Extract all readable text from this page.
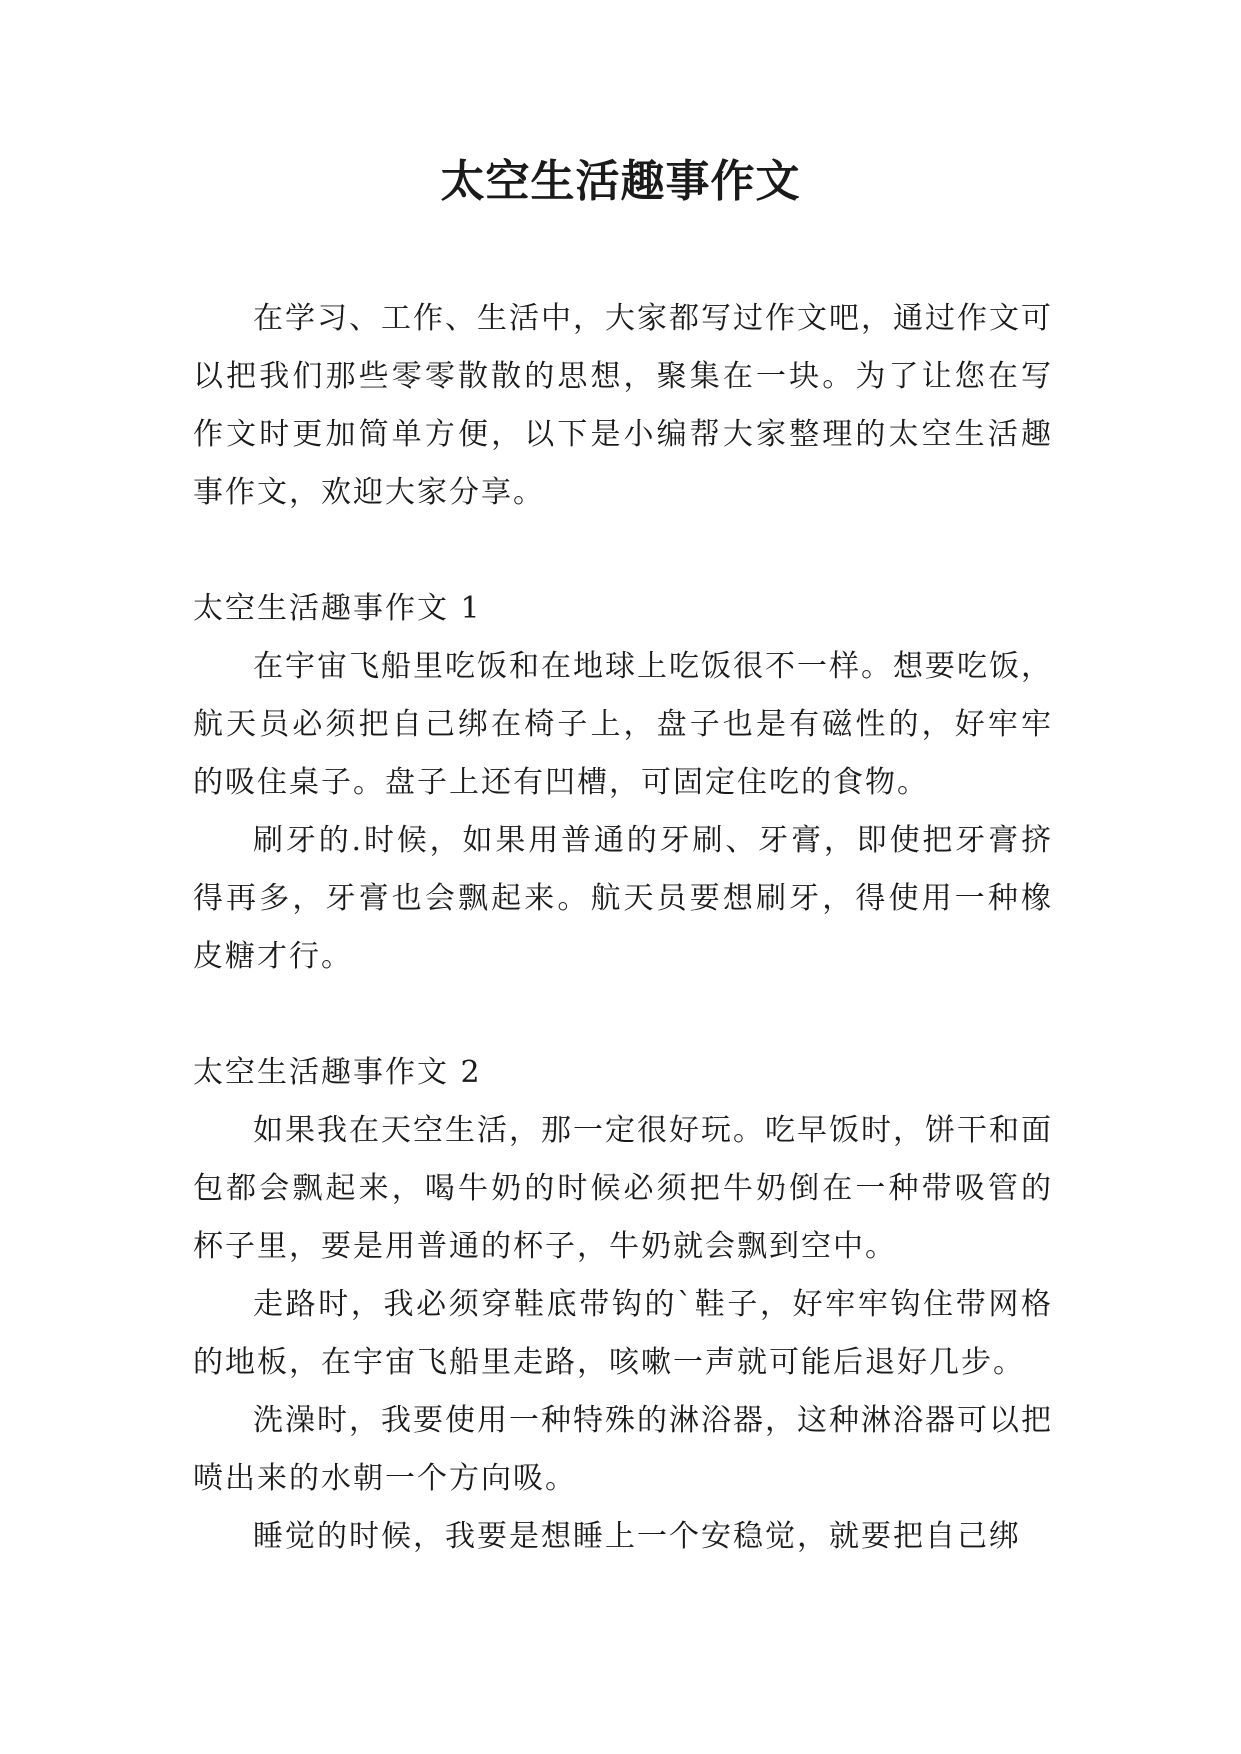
太空生活趣事作文

在学习、工作、生活中，大家都写过作文吧，通过作文可以把我们那些零零散散的思想，聚集在一块。为了让您在写作文时更加简单方便，以下是小编帮大家整理的太空生活趣事作文，欢迎大家分享。

太空生活趣事作文 1

在宇宙飞船里吃饭和在地球上吃饭很不一样。想要吃饭，航天员必须把自己绑在椅子上，盘子也是有磁性的，好牢牢的吸住桌子。盘子上还有凹槽，可固定住吃的食物。

刷牙的.时候，如果用普通的牙刷、牙膏，即使把牙膏挤得再多，牙膏也会飘起来。航天员要想刷牙，得使用一种橡皮糖才行。

太空生活趣事作文 2

如果我在天空生活，那一定很好玩。吃早饭时，饼干和面包都会飘起来，喝牛奶的时候必须把牛奶倒在一种带吸管的杯子里，要是用普通的杯子，牛奶就会飘到空中。

走路时，我必须穿鞋底带钩的`鞋子，好牢牢钩住带网格的地板，在宇宙飞船里走路，咳嗽一声就可能后退好几步。

洗澡时，我要使用一种特殊的淋浴器，这种淋浴器可以把喷出来的水朝一个方向吸。

睡觉的时候，我要是想睡上一个安稳觉，就要把自己绑
